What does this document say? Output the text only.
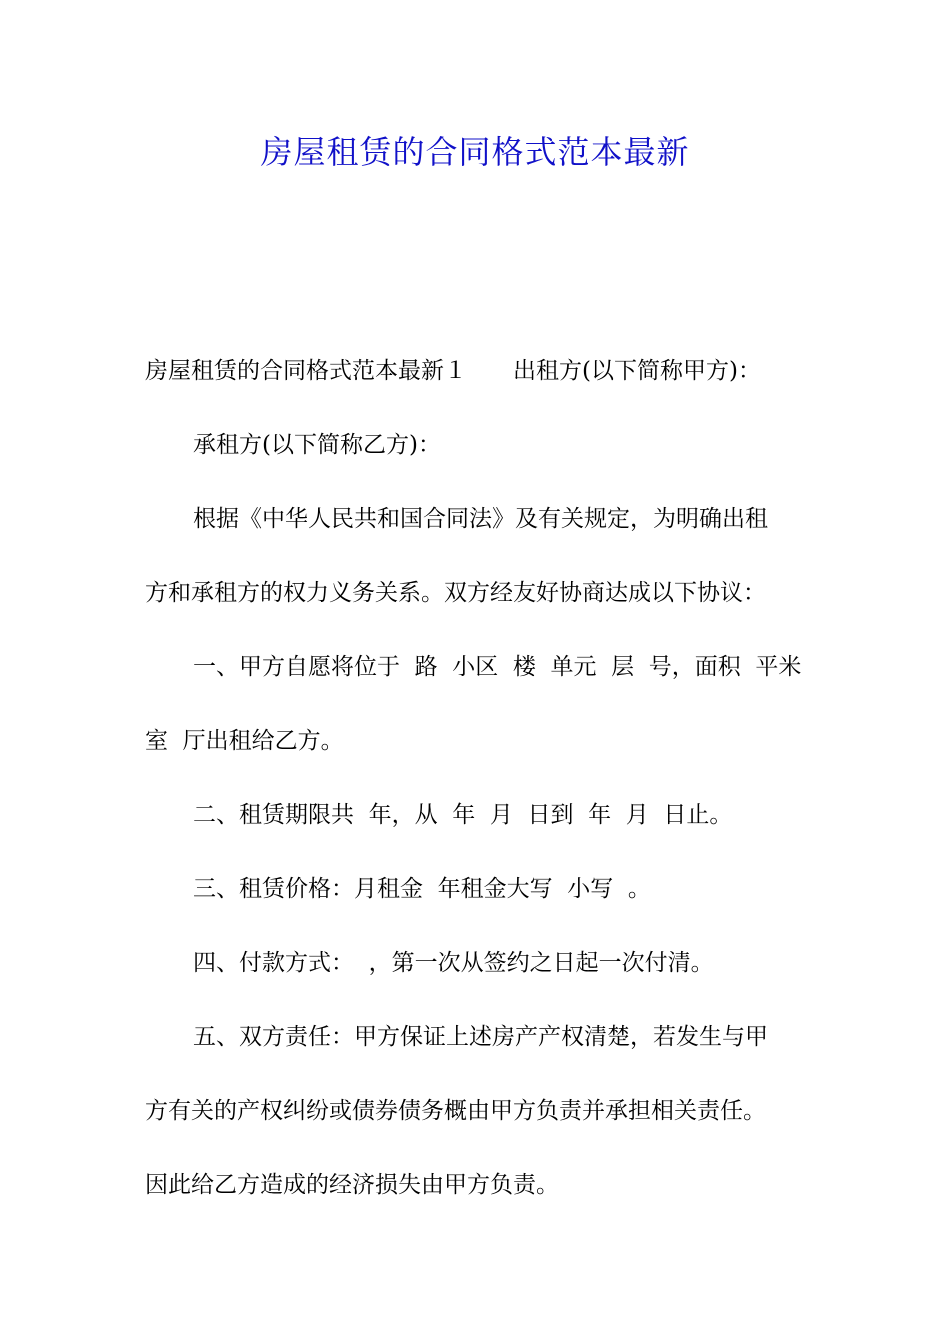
房屋租赁的合同格式范本最新

房屋租赁的合同格式范本最新１　　出租方(以下简称甲方)：

承租方(以下简称乙方)：

根据《中华人民共和国合同法》及有关规定，为明确出租

方和承租方的权力义务关系。双方经友好协商达成以下协议：

一、甲方自愿将位于  路  小区  楼  单元  层  号，面积  平米

室  厅出租给乙方。

二、租赁期限共  年，从  年  月  日到  年  月  日止。

三、租赁价格：月租金  年租金大写  小写  。

四、付款方式：  ，第一次从签约之日起一次付清。

五、双方责任：甲方保证上述房产产权清楚，若发生与甲

方有关的产权纠纷或债券债务概由甲方负责并承担相关责任。

因此给乙方造成的经济损失由甲方负责。
